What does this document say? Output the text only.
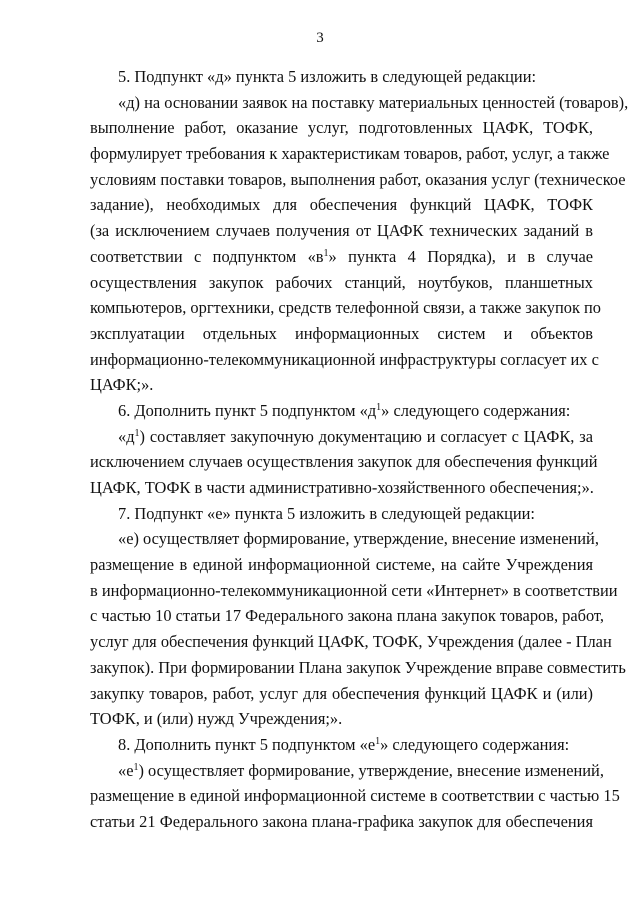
3
5. Подпункт «д» пункта 5 изложить в следующей редакции:
«д) на основании заявок на поставку материальных ценностей (товаров),
выполнение работ, оказание услуг, подготовленных ЦАФК, ТОФК,
формулирует требования к характеристикам товаров, работ, услуг, а также
условиям поставки товаров, выполнения работ, оказания услуг (техническое
задание), необходимых для обеспечения функций ЦАФК, ТОФК
(за исключением случаев получения от ЦАФК технических заданий в
соответствии с подпунктом «$в^1$» пункта 4 Порядка), и в случае
осуществления закупок рабочих станций, ноутбуков, планшетных
компьютеров, оргтехники, средств телефонной связи, а также закупок по
эксплуатации отдельных информационных систем и объектов
информационно-телекоммуникационной инфраструктуры согласует их с
ЦАФК;».
6. Дополнить пункт 5 подпунктом «$д^1$» следующего содержания:
«$д^1$) составляет закупочную документацию и согласует с ЦАФК, за
исключением случаев осуществления закупок для обеспечения функций
ЦАФК, ТОФК в части административно-хозяйственного обеспечения;».
7. Подпункт «е» пункта 5 изложить в следующей редакции:
«е) осуществляет формирование, утверждение, внесение изменений,
размещение в единой информационной системе, на сайте Учреждения
в информационно-телекоммуникационной сети «Интернет» в соответствии
с частью 10 статьи 17 Федерального закона плана закупок товаров, работ,
услуг для обеспечения функций ЦАФК, ТОФК, Учреждения (далее - План
закупок). При формировании Плана закупок Учреждение вправе совместить
закупку товаров, работ, услуг для обеспечения функций ЦАФК и (или)
ТОФК, и (или) нужд Учреждения;».
8. Дополнить пункт 5 подпунктом «$е^1$» следующего содержания:
«$е^1$) осуществляет формирование, утверждение, внесение изменений,
размещение в единой информационной системе в соответствии с частью 15
статьи 21 Федерального закона плана-графика закупок для обеспечения
